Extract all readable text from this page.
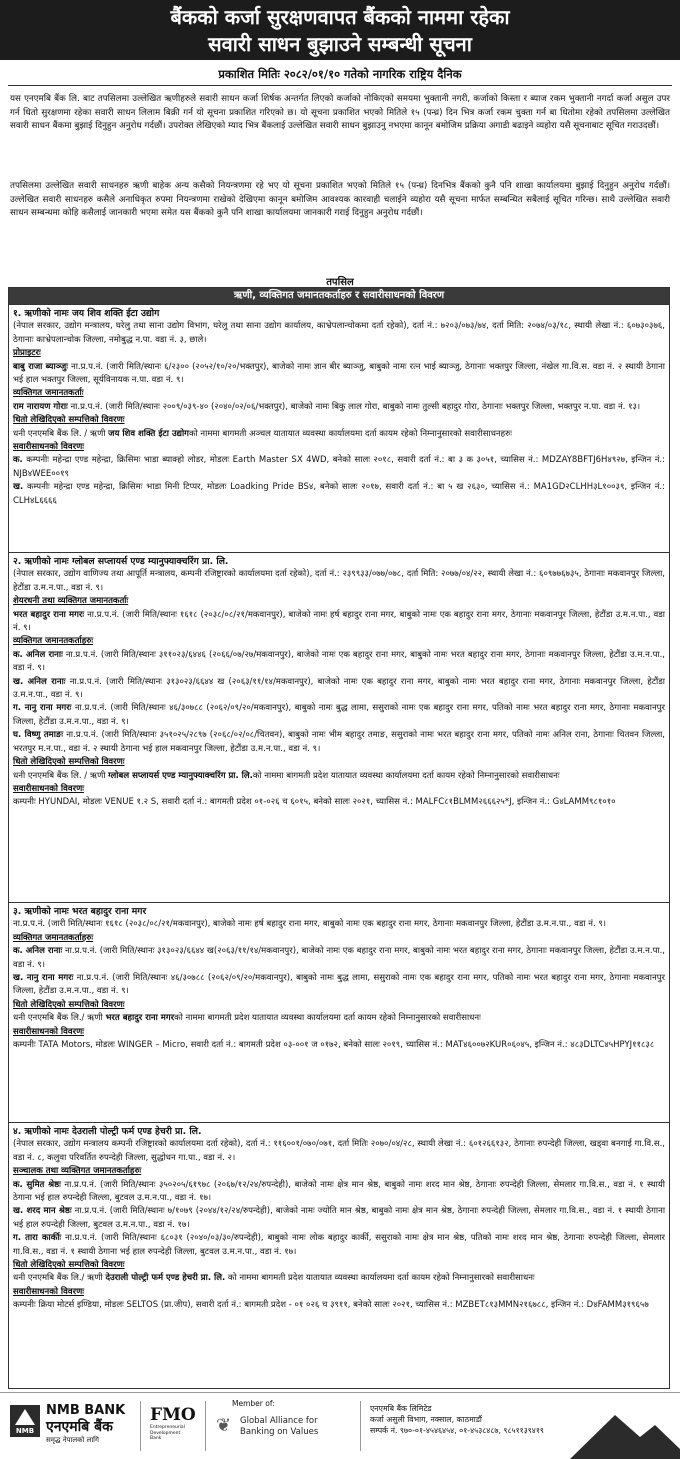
बैंकको कर्जा सुरक्षणवापत बैंकको नाममा रहेका
सवारी साधन बुझाउने सम्बन्धी सूचना
प्रकाशित मितिः २०८२/०१/१० गतेको नागरिक राष्ट्रिय दैनिक
यस एनएमबि बैंक लि. बाट तपसिलमा उल्लेखित ऋणीहरुले सवारी साधन कर्जा शिर्षक अन्तर्गत लिएको कर्जाको नोकिएको समयमा भुक्तानी नगरी, कर्जाको किस्ता र ब्याज रकम भुक्तानी नगर्दा कर्जा असुल उपर गर्न धितो सुरक्षणमा रहेका सवारी साधन लिलाम बिक्री गर्न यो सूचना प्रकाशित गरिएको छ। यो सूचना प्रकाशित भएको मितिले १५ (पन्ध्र) दिन भित्र कर्जा रकम चुक्ता गर्न बा धितोमा रहेको तपसिलमा उल्लेखित सवारी साधन बैंकमा बुझाई दिनुहुन अनुरोध गर्दछौं। उपरोक्त लेखिएको म्याद भित्र बैंकलाई उल्लेखित सवारी साधन बुझाउनु नभएमा कानून बमोजिम प्रक्रिया अगाडी बढाइने व्यहोरा यसै सूचनाबाट सूचित गराउदछौं।
तपसिलमा उल्लेखित सवारी साधनहरु ऋणी बाहेक अन्य कसैको नियन्त्रणमा रहे भए यो सूचना प्रकाशित भएको मितिले १५ (पन्ध्र) दिनभित्र बैंकको कुनै पनि शाखा कार्यालयमा बुझाई दिनुहुन अनुरोध गर्दछौं। उल्लेखित सवारी साधनहरु कसैले अनाधिकृत रुपमा नियन्त्रणमा राखेको देखिएमा कानून बमोजिम आवश्यक कारवाही चलाईने व्यहोरा यसै सूचना मार्फत सम्बन्धित सबैलाई सूचित गरिन्छ। साथै उल्लेखित सवारी साधन सम्बन्धमा कोहि कसैलाई जानकारी भएमा समेत यस बैंकको कुनै पनि शाखा कार्यालयमा जानकारी गराई दिनुहुन अनुरोध गर्दछौं।
तपसिल
ऋणी, व्यक्तिगत जमानतकर्ताहरु र सवारीसाधनको विवरण

१. ऋणीको नामः जय शिव शक्ति ईटा उद्योग

(नेपाल सरकार, उद्योग मन्त्रालय, घरेलु तथा साना उद्योग विभाग, घरेलु तथा साना उद्योग कार्यालय, काभ्रेपलान्चोकमा दर्ता रहेको), दर्ता नं.: ७२०३/०७३/७४, दर्ता मिति: २०७४/०३/१८, स्थायी लेखा नं.: ६०७३०३७६, ठेगानाः काभ्रेपलान्चोक जिल्ला, नमोबुद्ध न.पा. वडा नं. ३, छाले।

प्रोप्राइटरः

बाबु राजा ब्याञ्जुः ना.प्र.प.नं. (जारी मिति/स्थानः ६/२३०० (२०५२/१०/२०/भक्तपुर), बाजेको नामः ज्ञान बीर ब्याञ्जु, बाबुको नामः रत्न भाई ब्याञ्जु, ठेगानाः भक्तपुर जिल्ला, नंखेल गा.वि.स. वडा नं. २ स्थायी ठेगाना भई हाल भक्तपुर जिल्ला, सूर्यविनायक न.पा. वडा नं. ९।

व्यक्तिगत जमानतकर्ताः

राम नारायण गोराः ना.प्र.प.नं. (जारी मिति/स्थानः २००९/०३९-४० (२०४०/०२/०६/भक्तपुर), बाजेको नामः बिकु लाल गोरा, बाबुको नामः तुल्सी बहादुर गोरा, ठेगानाः भक्तपुर जिल्ला, भक्तपुर न.पा. वडा नं. १३।

धितो लेखिदिएको सम्पत्तिको विवरणः

धनी एनएमबि बैंक लि. / ऋणी जय शिव शक्ति ईटा उद्योगको नाममा बागमती अञ्चल यातायात व्यवस्था कार्यालयमा दर्ता कायम रहेको निम्नानुसारको सवारीसाधनहरुः

सवारीसाधनको विवरणः

क. कम्पनीः महेन्द्रा एण्ड महेन्द्रा, क्रिसिमः भाडा ब्याक्हो लोडर, मोडलः Earth Master SX 4WD, बनेको सालः २०१८, सवारी दर्ता नं.: बा ३ क ३०५१, च्यासिस नं.: MDZAY8BFTJ6H४९२७, इन्जिन नं.: NJB४WEE००१९

ख. कम्पनीः महेन्द्रा एण्ड महेन्द्रा, क्रिसिमः भाडा मिनी टिप्पर, मोडलः Loadking Pride BS४, बनेको सालः २०१७, सवारी दर्ता नं.: बा ५ ख २६३०, च्यासिस नं.: MA1GD२CLHH३L१००३९, इन्जिन नं.: CLH४L६६६६

२. ऋणीको नामः ग्लोबल सप्लायर्स एण्ड म्यानुफ्याक्चरिंग प्रा. लि.

(नेपाल सरकार, उद्योग वाणिज्य तथा आपूर्ति मन्त्रालय, कम्पनी रजिष्ट्रारको कार्यालयमा दर्ता रहेको), दर्ता नं.: २३९९३३/०७७/०७८, दर्ता मिति: २०७७/०४/२२, स्थायी लेखा नं.: ६०९७७६७३५, ठेगानाः मकवानपुर जिल्ला, हेटौंडा उ.म.न.पा., वडा नं. ९।

शेयरधनी तथा व्यक्तिगत जमानतकर्ताः

भरत बहादुर राना मगरः ना.प्र.प.नं. (जारी मिति/स्थानः १६१८ (२०३८/०८/२१/मकवानपुर), बाजेको नामः हर्ष बहादुर राना मगर, बाबुको नामः एक बहादुर राना मगर, ठेगानाः मकवानपुर जिल्ला, हेटौंडा उ.म.न.पा., वडा नं. ९।

व्यक्तिगत जमानतकर्ताहरुः

क. अनिल रानाः ना.प्र.प.नं. (जारी मिति/स्थानः ३११०२३/६४४६ (२०६६/०७/२७/मकवानपुर), बाजेको नामः एक बहादुर राना मगर, बाबुको नामः भरत बहादुर राना मगर, ठेगानाः मकवानपुर जिल्ला, हेटौंडा उ.म.न.पा., वडा नं. ९।

ख. अनिल रानाः ना.प्र.प.नं. (जारी मिति/स्थानः ३१३०२३/६६४४ ख (२०६३/११/१४/मकवानपुर), बाजेको नामः एक बहादुर राना मगर, बाबुको नामः भरत बहादुर राना मगर, ठेगानाः मकवानपुर जिल्ला, हेटौंडा उ.म.न.पा., वडा नं. ९।

ग. नानु राना मगरः ना.प्र.प.नं. (जारी मिति/स्थानः ४६/३०७८८ (२०६२/०९/२०/मकवानपुर), बाबुको नामः बुद्ध लामा, ससुराको नामः एक बहादुर राना मगर, पतिको नामः भरत बहादुर राना मगर, ठेगानाः मकवानपुर जिल्ला, हेटौंडा उ.म.न.पा., वडा नं. ९।

घ. विष्णु तमाङः ना.प्र.प.नं. (जारी मिति/स्थानः ३५१०२५/२८९७ (२०६८/०२/०८/चितवन), बाबुको नामः भीम बहादुर तमाङ, ससुराको नामः भरत बहादुर राना मगर, पतिको नामः अनिल राना, ठेगानाः चितवन जिल्ला, भरतपुर म.न.पा., वडा नं. २ स्थायी ठेगाना भई हाल मकवानपुर जिल्ला, हेटौंडा उ.म.न.पा., वडा नं. ९।

धितो लेखिदिएको सम्पत्तिको विवरणः

धनी एनएमबि बैंक लि. / ऋणी ग्लोबल सप्लायर्स एण्ड म्यानुफ्याक्चरिंग प्रा. लि.को नाममा बागमती प्रदेश यातायात व्यवस्था कार्यालयमा दर्ता कायम रहेको निम्नानुसारको सवारीसाधनः

सवारीसाधनको विवरणः

कम्पनीः HYUNDAI, मोडलः VENUE १.२ S, सवारी दर्ता नं.: बागमती प्रदेश ०१-०२६ च ६०१५, बनेको सालः २०२१, च्यासिस नं.: MALFC८१BLMM२६६६२५*J, इन्जिन नं.: G४LAMM९८१०१०

३. ऋणीको नामः भरत बहादुर राना मगर

ना.प्र.प.नं. (जारी मिति/स्थानः १६१८ (२०३८/०८/२१/मकवानपुर), बाजेको नामः हर्ष बहादुर राना मगर, बाबुको नामः एक बहादुर राना मगर, ठेगानाः मकवानपुर जिल्ला, हेटौंडा उ.म.न.पा., वडा नं. ९।

व्यक्तिगत जमानतकर्ताहरुः

क. अनिल रानाः ना.प्र.प.नं. (जारी मिति/स्थानः ३१३०२३/६६४४ ख(२०६३/११/१४/मकवानपुर), बाजेको नामः एक बहादुर राना मगर, बाबुको नामः भरत बहादुर राना मगर, ठेगानाः मकवानपुर जिल्ला, हेटौंडा उ.म.न.पा., वडा नं. ९।

ख. नानु राना मगरः ना.प्र.प.नं. (जारी मिति/स्थानः ४६/३०७८८ (२०६२/०९/२०/मकवानपुर), बाबुको नामः बुद्ध लामा, ससुराको नामः एक बहादुर राना मगर, पतिको नामः भरत बहादुर राना मगर, ठेगानाः मकवानपुर जिल्ला, हेटौंडा उ.म.न.पा., वडा नं. ९।

धितो लेखिदिएको सम्पत्तिको विवरणः

धनी एनएमबि बैंक लि./ ऋणी भरत बहादुर राना मगरको नाममा बागमती प्रदेश यातायात व्यवस्था कार्यालयमा दर्ता कायम रहेको निम्नानुसारको सवारीसाधनः

सवारीसाधनको विवरणः

कम्पनीः TATA Motors, मोडलः WINGER – Micro, सवारी दर्ता नं.: बागमती प्रदेश ०३-००१ ज ०१७२, बनेको सालः २०१९, च्यासिस नं.: MAT४६००७२KUR०६०४५, इन्जिन नं.: ४८३DLTC४५HPYJ११८३८

४. ऋणीको नामः देउराली पोल्ट्री फर्म एण्ड हेचरी प्रा. लि.

(नेपाल सरकार, उद्योग मन्त्रालय कम्पनी रजिष्ट्रारको कार्यालयमा दर्ता रहेको), दर्ता नं.: ११६००१/०७०/०७१, दर्ता मितिः २०७०/०४/२८, स्थायी लेखा नं.: ६०१२६६१३२, ठेगानाः रुपन्देही जिल्ला, खड्वा बनगाई गा.वि.स., वडा नं. ८, कलुवा परिवर्तित रुपन्देही जिल्ला, सुद्धोधन गा.पा., वडा नं. २।

सञ्चालक तथा व्यक्तिगत जमानतकर्ताहरुः

क. सुमित श्रेष्ठः ना.प्र.प.नं. (जारी मिति/स्थानः ३५०२०५/६१९७८ (२०६७/१२/२४/रुपन्देही), बाजेको नामः क्षेत्र मान श्रेष्ठ, बाबुको नामः शरद मान श्रेष्ठ, ठेगानाः रुपन्देही जिल्ला, सेमलार गा.वि.स., वडा नं. १ स्थायी ठेगाना भई हाल रुपन्देही जिल्ला, बुटवल उ.म.न.पा., वडा नं. १७।

ख. शरद मान श्रेष्ठः ना.प्र.प.नं. (जारी मिति/स्थानः ७/१०७९ (२०४४/१२/२४/रुपन्देही), बाजेको नामः ज्योति मान श्रेष्ठ, बाबुको नामः क्षेत्र मान श्रेष्ठ, ठेगानाः रुपन्देही जिल्ला, सेमलार गा.वि.स., वडा नं. १ स्थायी ठेगाना भई हाल रुपन्देही जिल्ला, बुटवल उ.म.न.पा., वडा नं. १७।

ग. तारा कार्कीः ना.प्र.प.नं. (जारी मिति/स्थानः ६८०३१ (२०४०/०३/३०/रुपन्देही), बाबुको नामः लोक बहादुर कार्की, ससुराको नामः क्षेत्र मान श्रेष्ठ, पतिको नामः शरद मान श्रेष्ठ, ठेगानाः रुपन्देही जिल्ला, सेमलार गा.वि.स., वडा नं. १ स्थायी ठेगाना भई हाल रुपन्देही जिल्ला, बुटवल उ.म.न.पा., वडा नं. १७।

धितो लेखिदिएको सम्पत्तिको विवरणः

धनी एनएमबि बैंक लि./ ऋणी देउराली पोल्ट्री फर्म एण्ड हेचरी प्रा. लि. को नाममा बागमती प्रदेश यातायात व्यवस्था कार्यालयमा दर्ता कायम रहेको निम्नानुसारको सवारीसाधनः

सवारीसाधनको विवरणः

कम्पनीः क्रिया मोटर्स इण्डिया, मोडलः SELTOS (प्रा.जीप), सवारी दर्ता नं.: बागमती प्रदेश - ०१ ०२६ च ३९११, बनेको सालः २०२१, च्यासिस नं.: MZBET८१३MMN२१६७८८, इन्जिन नं.: D४FAMM३१९६५७

NMB
NMB BANK
एनएमबि बैंक
समृद्ध नेपालको लागि
FMO
Entrepreneurial Development Bank
Member of:
❦ Global Alliance for
Banking on Values
एनएमबि बैंक लिमिटेड
कर्जा असुली विभाग, नक्साल, काठमाडौं
सम्पर्क नं. ९७०-०१-४५४६४५४, ०१-४५३८४८७, ९८५११३९४१९
